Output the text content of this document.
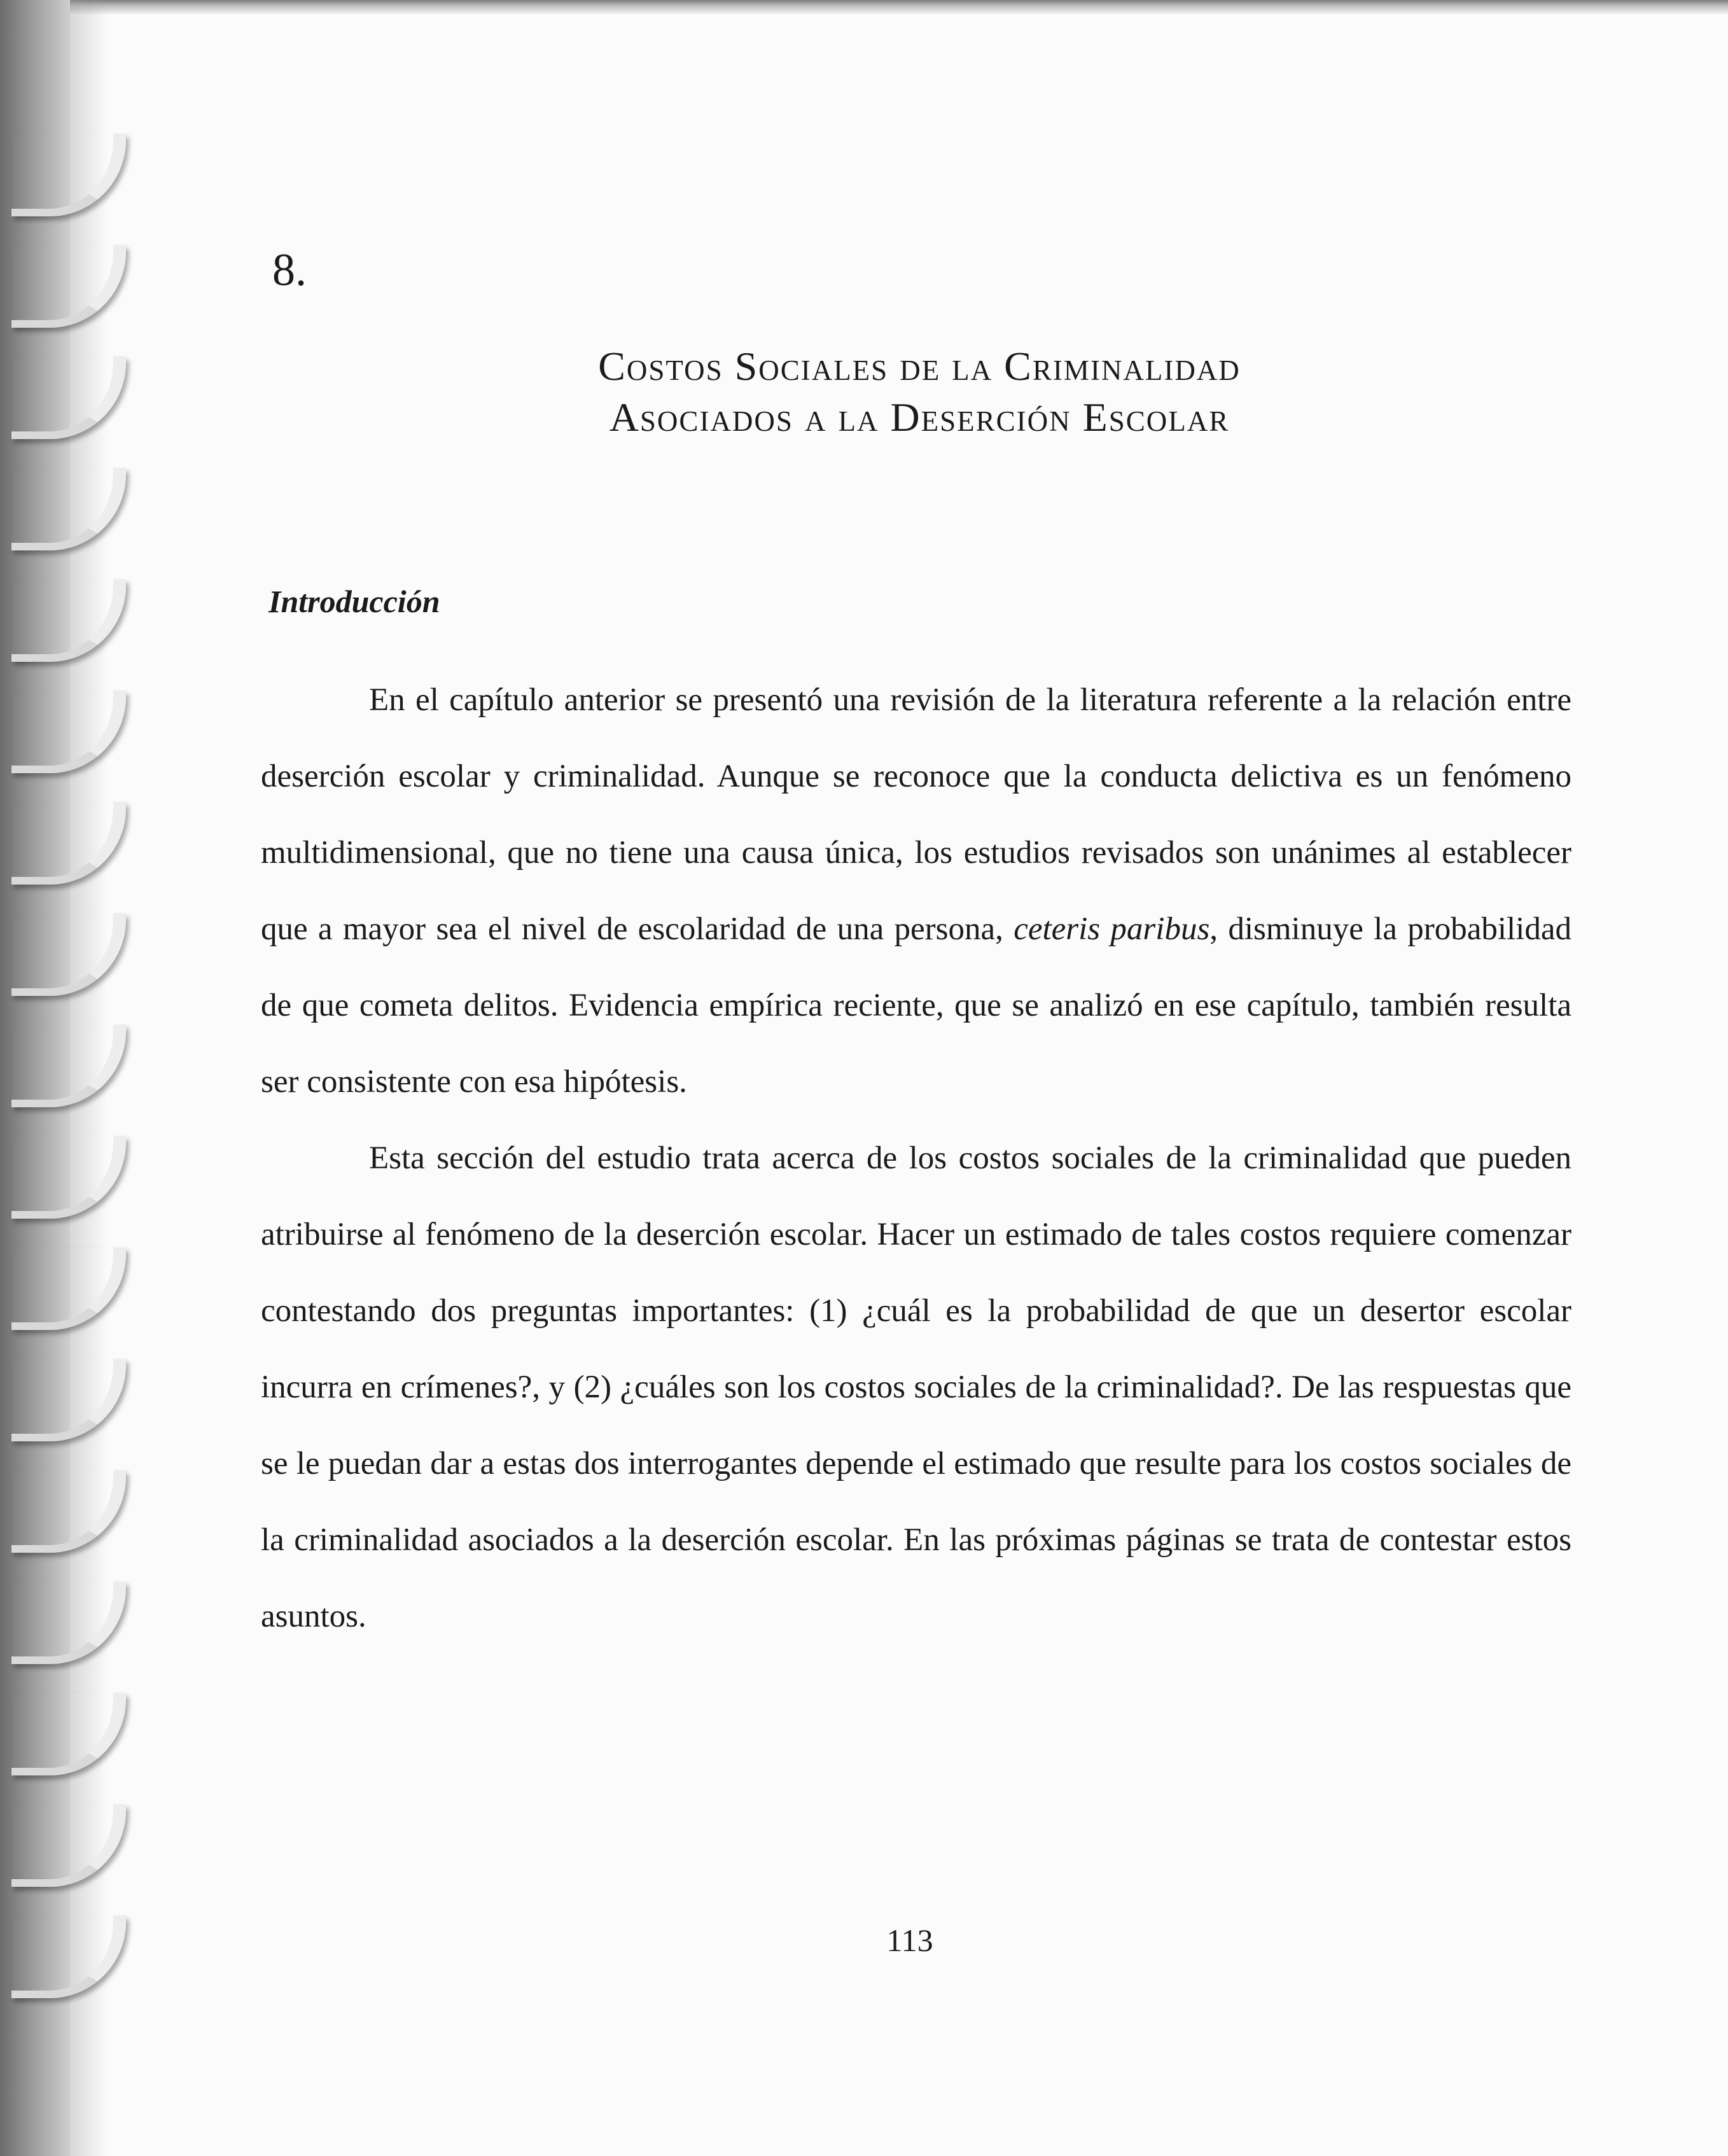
8.
Costos Sociales de la Criminalidad
Asociados a la Deserción Escolar
Introducción

En el capítulo anterior se presentó una revisión de la literatura referente a la relación entre deserción escolar y criminalidad. Aunque se reconoce que la conducta delictiva es un fenómeno multidimensional, que no tiene una causa única, los estudios revisados son unánimes al establecer que a mayor sea el nivel de escolaridad de una persona, ceteris paribus, disminuye la probabilidad de que cometa delitos. Evidencia empírica reciente, que se analizó en ese capítulo, también resulta ser consistente con esa hipótesis.

Esta sección del estudio trata acerca de los costos sociales de la criminalidad que pueden atribuirse al fenómeno de la deserción escolar. Hacer un estimado de tales costos requiere comenzar contestando dos preguntas importantes: (1) ¿cuál es la probabilidad de que un desertor escolar incurra en crímenes?, y (2) ¿cuáles son los costos sociales de la criminalidad?. De las respuestas que se le puedan dar a estas dos interrogantes depende el estimado que resulte para los costos sociales de la criminalidad asociados a la deserción escolar. En las próximas páginas se trata de contestar estos asuntos.

113
